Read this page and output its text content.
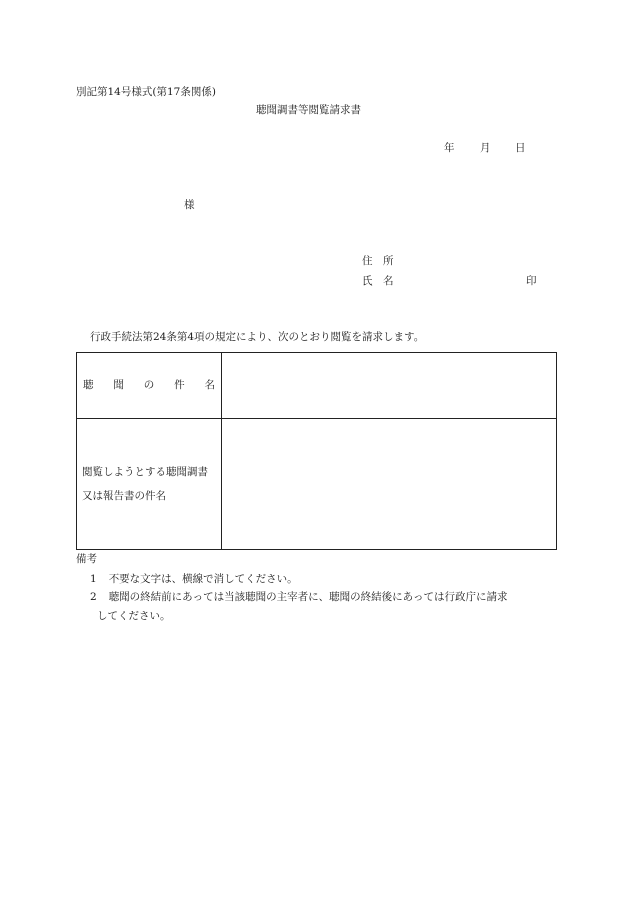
別記第14号様式(第17条関係)
聴聞調書等閲覧請求書
年 月 日
様
住　所
氏　名	印
行政手続法第24条第4項の規定により、次のとおり閲覧を請求します。
聴 聞 の 件 名	

閲覧しようとする聴聞調書又は報告書の件名	

備考
1 不要な文字は、横線で消してください。
2 聴聞の終結前にあっては当該聴聞の主宰者に、聴聞の終結後にあっては行政庁に請求
してください。
